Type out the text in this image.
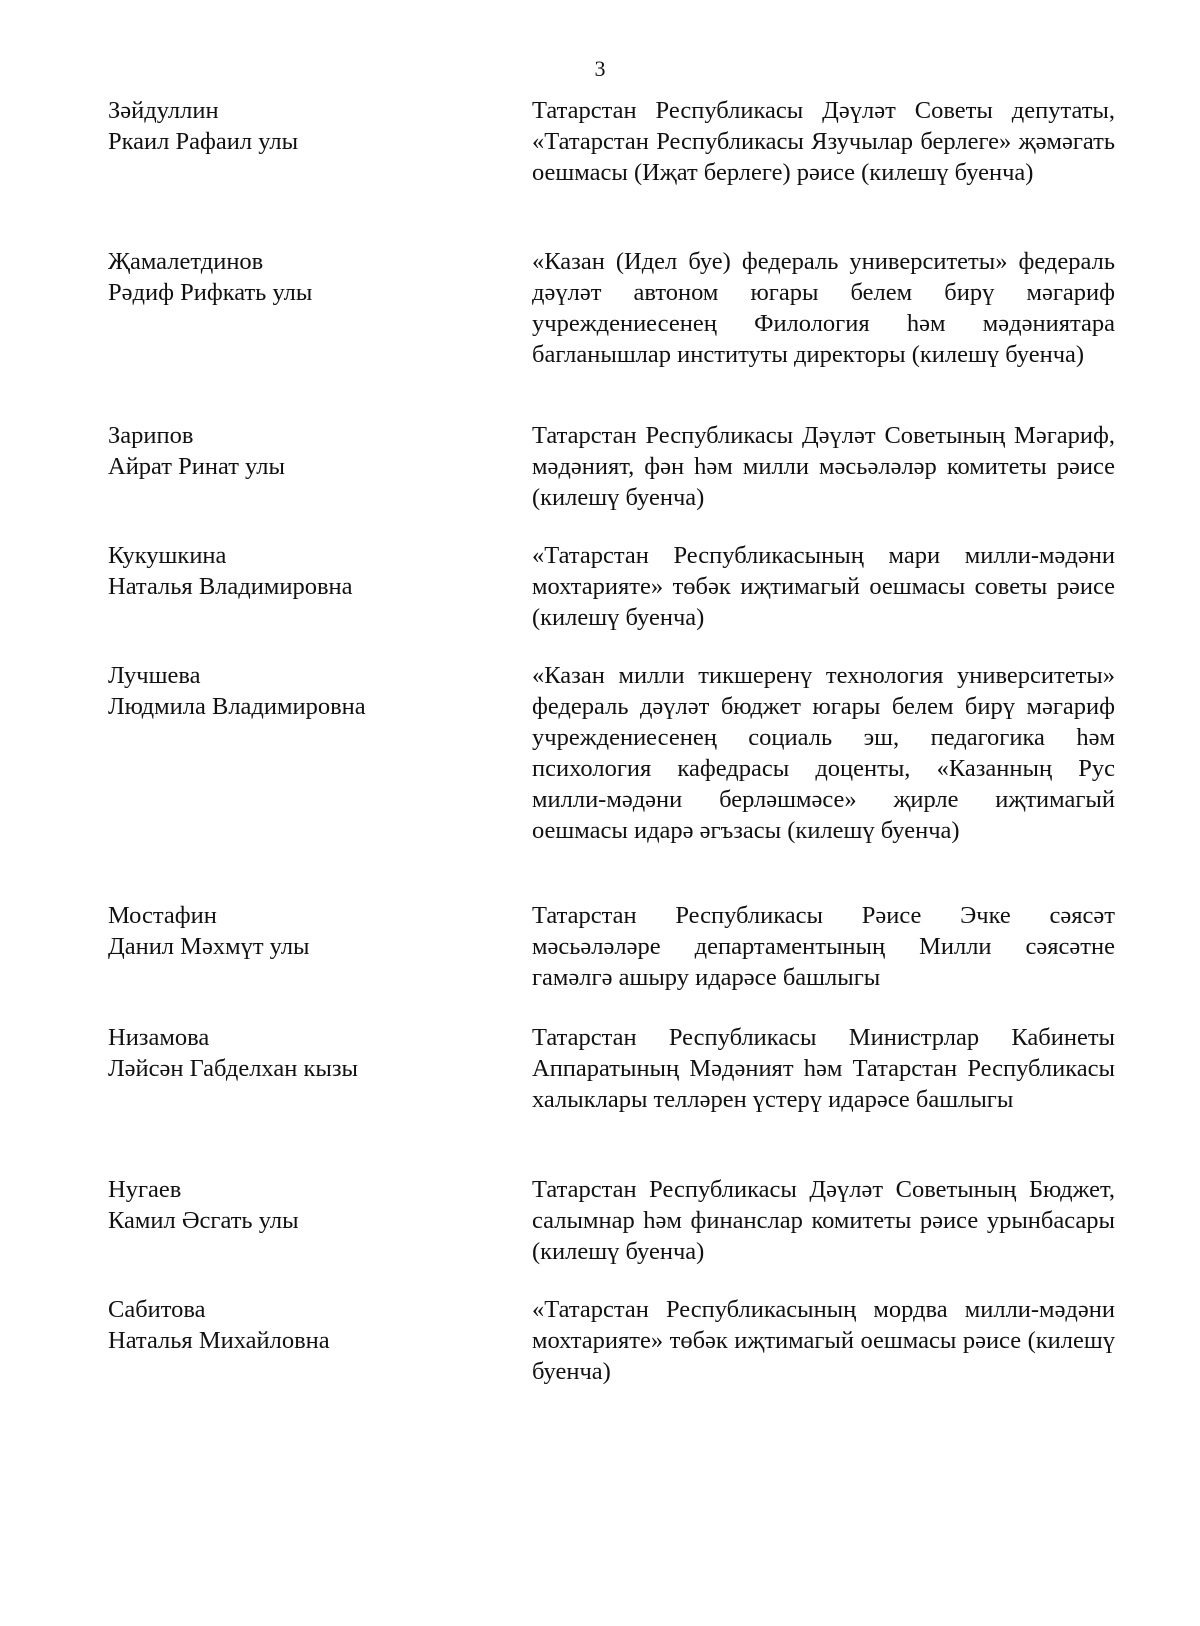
3
Зәйдуллин
Ркаил Рафаил улы
Татарстан Республикасы Дәүләт Советы депутаты, «Татарстан Республикасы Язучылар берлеге» җәмәгать оешмасы (Иҗат берлеге) рәисе (килешү буенча)
Җамалетдинов
Рәдиф Рифкать улы
«Казан (Идел буе) федераль университеты» федераль дәүләт автоном югары белем бирү мәгариф учреждениесенең Филология һәм мәдәниятара багланышлар институты директоры (килешү буенча)
Зарипов
Айрат Ринат улы
Татарстан Республикасы Дәүләт Советының Мәгариф, мәдәният, фән һәм милли мәсьәләләр комитеты рәисе (килешү буенча)
Кукушкина
Наталья Владимировна
«Татарстан Республикасының мари милли-мәдәни мохтарияте» төбәк иҗтимагый оешмасы советы рәисе (килешү буенча)
Лучшева
Людмила Владимировна
«Казан милли тикшеренү технология университеты» федераль дәүләт бюджет югары белем бирү мәгариф учреждениесенең социаль эш, педагогика һәм психология кафедрасы доценты, «Казанның Рус милли-мәдәни берләшмәсе» җирле иҗтимагый оешмасы идарә әгъзасы (килешү буенча)
Мостафин
Данил Мәхмүт улы
Татарстан Республикасы Рәисе Эчке сәясәт мәсьәләләре департаментының Милли сәясәтне гамәлгә ашыру идарәсе башлыгы
Низамова
Ләйсән Габделхан кызы
Татарстан Республикасы Министрлар Кабинеты Аппаратының Мәдәният һәм Татарстан Республикасы халыклары телләрен үстерү идарәсе башлыгы
Нугаев
Камил Әсгать улы
Татарстан Республикасы Дәүләт Советының Бюджет, салымнар һәм финанслар комитеты рәисе урынбасары (килешү буенча)
Сабитова
Наталья Михайловна
«Татарстан Республикасының мордва милли-мәдәни мохтарияте» төбәк иҗтимагый оешмасы рәисе (килешү буенча)
